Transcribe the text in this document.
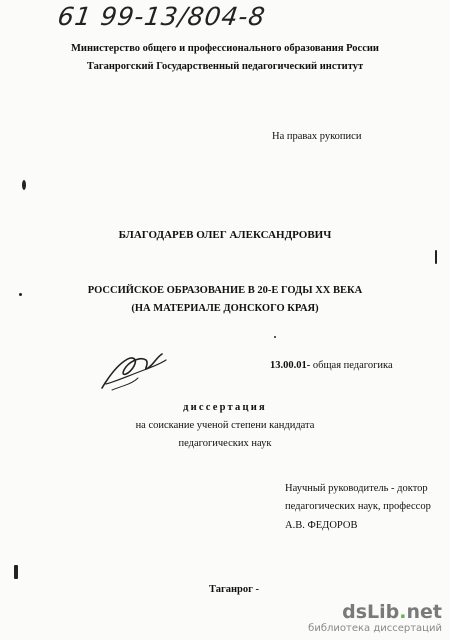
61 99-13/804-8
Министерство общего и профессионального образования России
Таганрогский Государственный педагогический институт
На правах рукописи
БЛАГОДАРЕВ ОЛЕГ АЛЕКСАНДРОВИЧ
РОССИЙСКОЕ ОБРАЗОВАНИЕ В 20-Е ГОДЫ XX ВЕКА
(НА МАТЕРИАЛЕ ДОНСКОГО КРАЯ)
13.00.01- общая педагогика
диссертация
на соискание ученой степени кандидата
педагогических наук
Научный руководитель - доктор
педагогических наук, профессор
А.В. ФЕДОРОВ
Таганрог -
dsLib.net
библиотека диссертаций
